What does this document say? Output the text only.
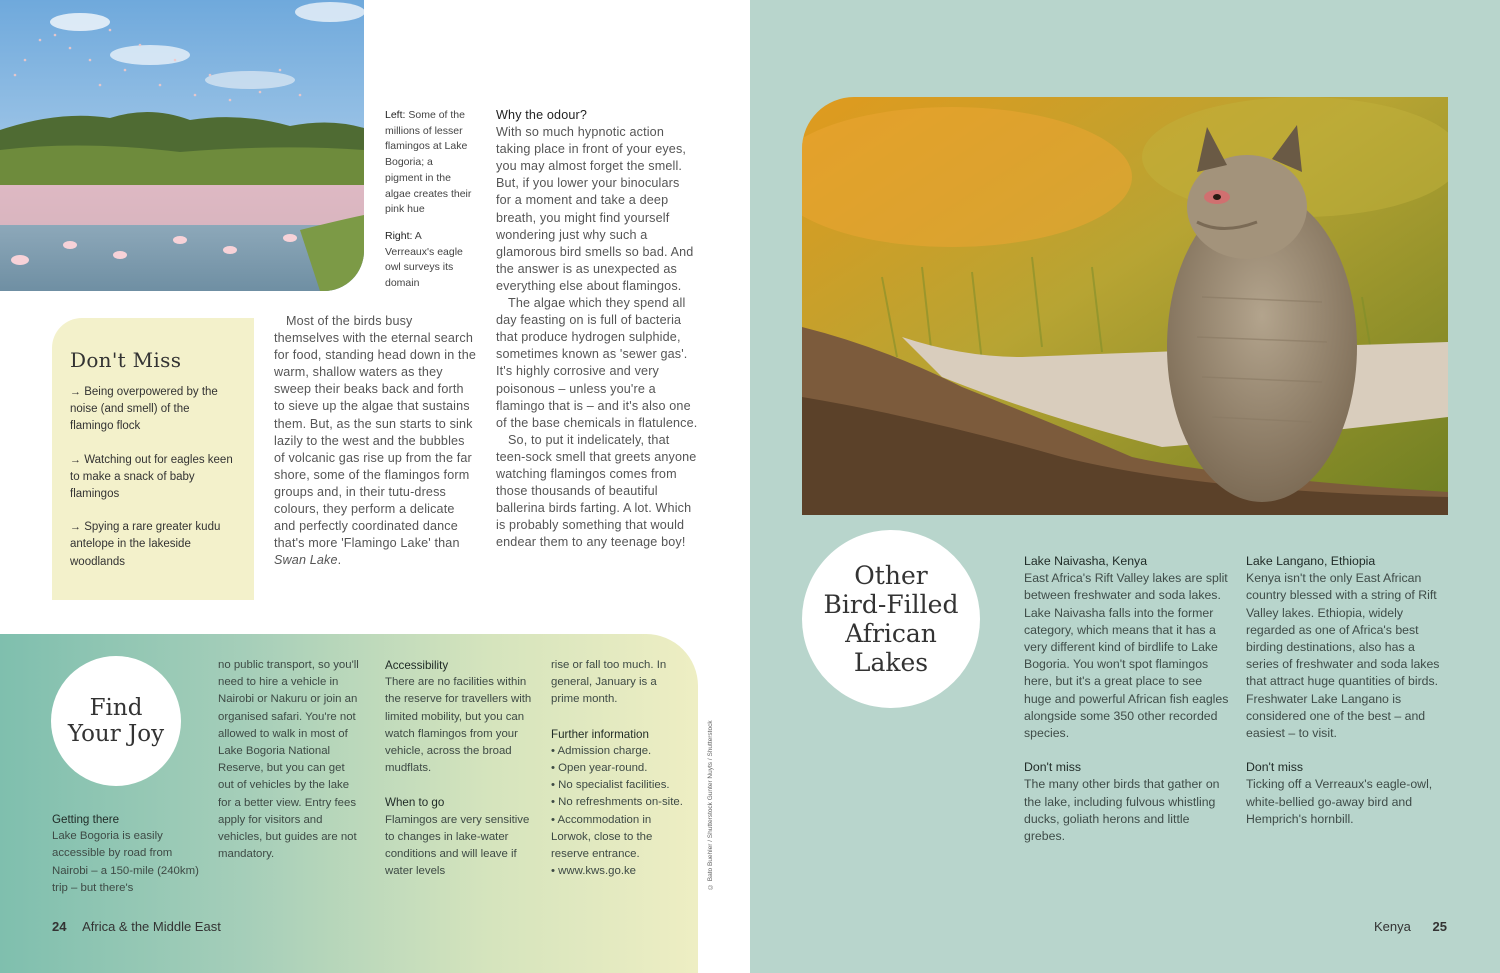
Left: Some of the millions of lesser flamingos at Lake Bogoria; a pigment in the algae creates their pink hue
Right: A Verreaux's eagle owl surveys its domain

Most of the birds busy themselves with the eternal search for food, standing head down in the warm, shallow waters as they sweep their beaks back and forth to sieve up the algae that sustains them. But, as the sun starts to sink lazily to the west and the bubbles of volcanic gas rise up from the far shore, some of the flamingos form groups and, in their tutu-dress colours, they perform a delicate and perfectly coordinated dance that's more 'Flamingo Lake' than Swan Lake.

Why the odour?

With so much hypnotic action taking place in front of your eyes, you may almost forget the smell. But, if you lower your binoculars for a moment and take a deep breath, you might find yourself wondering just why such a glamorous bird smells so bad. And the answer is as unexpected as everything else about flamingos.

The algae which they spend all day feasting on is full of bacteria that produce hydrogen sulphide, sometimes known as 'sewer gas'. It's highly corrosive and very poisonous – unless you're a flamingo that is – and it's also one of the base chemicals in flatulence.

So, to put it indelicately, that teen-sock smell that greets anyone watching flamingos comes from those thousands of beautiful ballerina birds farting. A lot. Which is probably something that would endear them to any teenage boy!

Don't Miss
→ Being overpowered by the noise (and smell) of the flamingo flock
→ Watching out for eagles keen to make a snack of baby flamingos
→ Spying a rare greater kudu antelope in the lakeside woodlands
Find
Your Joy

Getting there

Lake Bogoria is easily accessible by road from Nairobi – a 150-mile (240km) trip – but there's

no public transport, so you'll need to hire a vehicle in Nairobi or Nakuru or join an organised safari. You're not allowed to walk in most of Lake Bogoria National Reserve, but you can get out of vehicles by the lake for a better view. Entry fees apply for visitors and vehicles, but guides are not mandatory.

Accessibility

There are no facilities within the reserve for travellers with limited mobility, but you can watch flamingos from your vehicle, across the broad mudflats.

When to go

Flamingos are very sensitive to changes in lake-water conditions and will leave if water levels

rise or fall too much. In general, January is a prime month.

Further information

• Admission charge.

• Open year-round.

• No specialist facilities.

• No refreshments on-site.

• Accommodation in Lorwok, close to the reserve entrance.

• www.kws.go.ke	© Bato Buehler / Shutterstock Gunter Nuyts / Shutterstock
24 Africa & the Middle East
Other
Bird-Filled
African
Lakes

Lake Naivasha, Kenya

East Africa's Rift Valley lakes are split between freshwater and soda lakes. Lake Naivasha falls into the former category, which means that it has a very different kind of birdlife to Lake Bogoria. You won't spot flamingos here, but it's a great place to see huge and powerful African fish eagles alongside some 350 other recorded species.

Don't miss

The many other birds that gather on the lake, including fulvous whistling ducks, goliath herons and little grebes.

Lake Langano, Ethiopia

Kenya isn't the only East African country blessed with a string of Rift Valley lakes. Ethiopia, widely regarded as one of Africa's best birding destinations, also has a series of freshwater and soda lakes that attract huge quantities of birds. Freshwater Lake Langano is considered one of the best – and easiest – to visit.

Don't miss

Ticking off a Verreaux's eagle-owl, white-bellied go-away bird and Hemprich's hornbill.

Kenya 25
